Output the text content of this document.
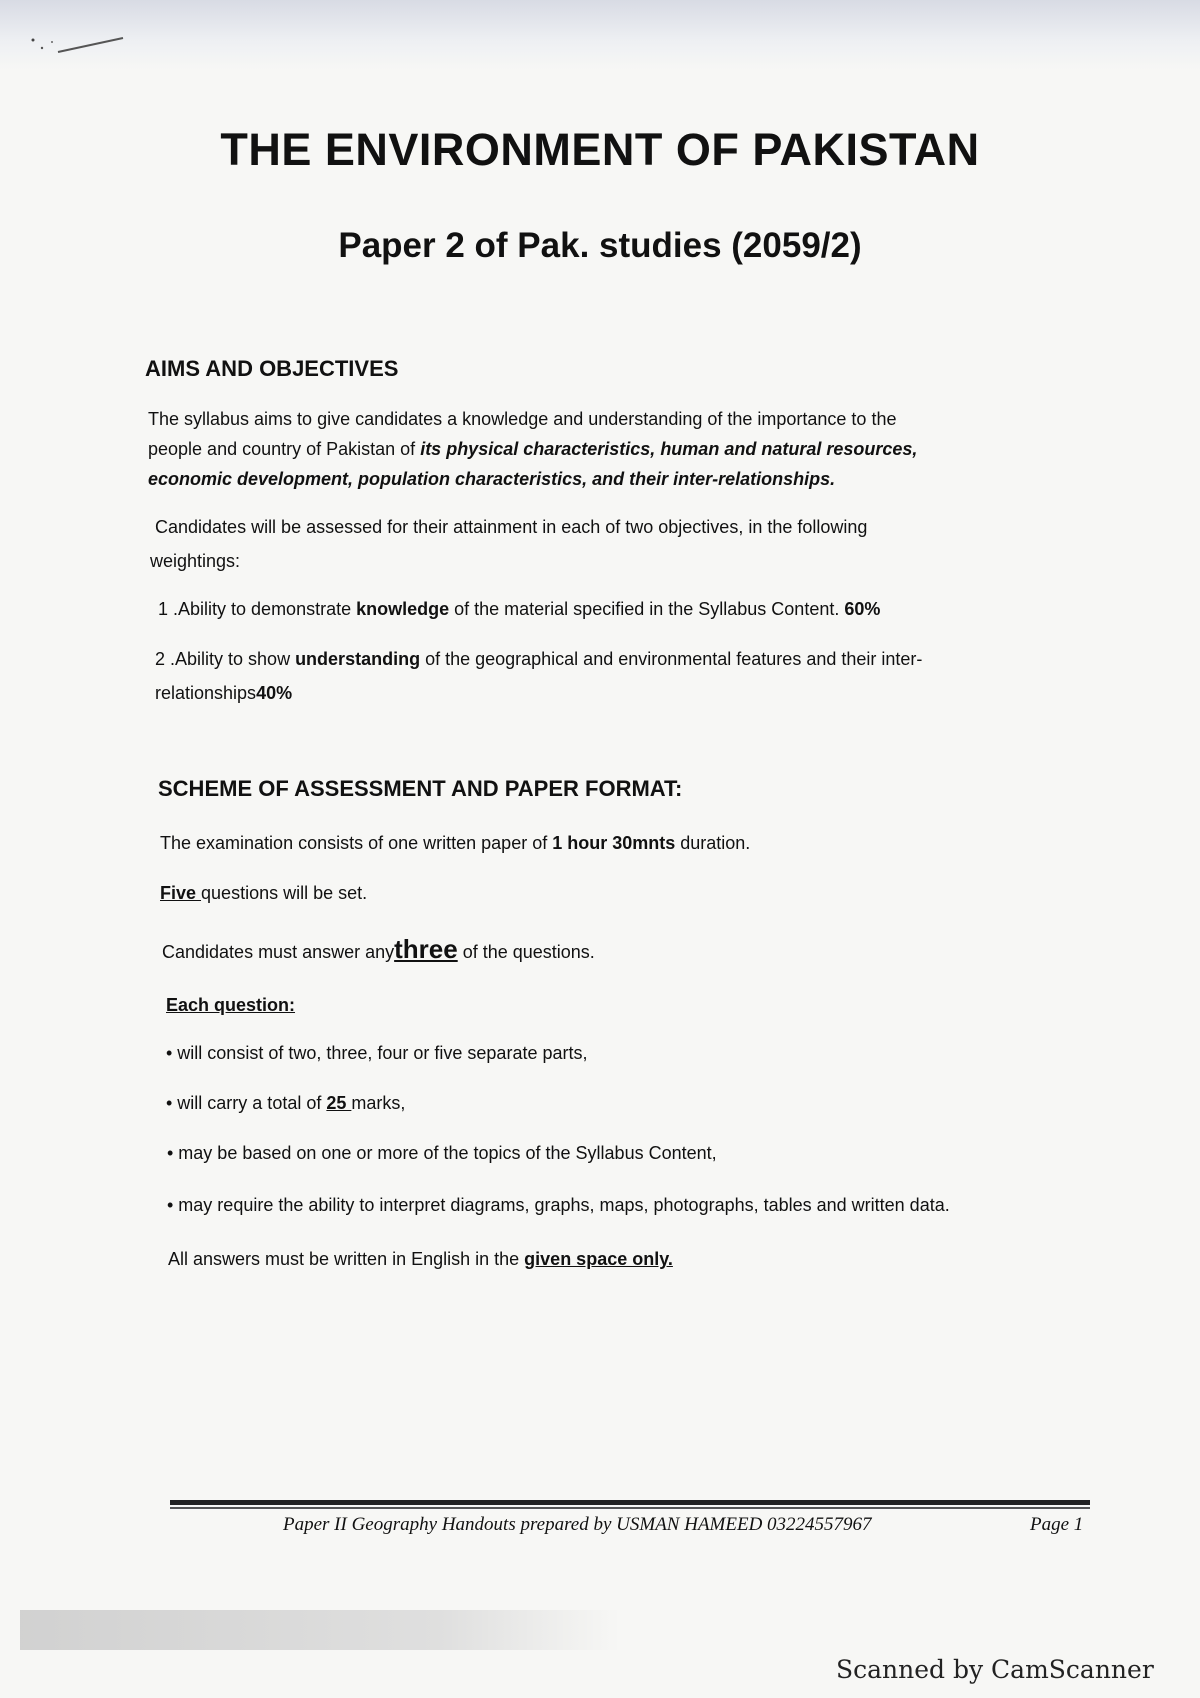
THE ENVIRONMENT OF PAKISTAN

Paper 2 of Pak. studies (2059/2)

AIMS AND OBJECTIVES

The syllabus aims to give candidates a knowledge and understanding of the importance to the

people and country of Pakistan of its physical characteristics, human and natural resources,

economic development, population characteristics, and their inter-relationships.

Candidates will be assessed for their attainment in each of two objectives, in the following

weightings:

1 .Ability to demonstrate knowledge of the material specified in the Syllabus Content. 60%

2 .Ability to show understanding of the geographical and environmental features and their inter-

relationships40%

SCHEME OF ASSESSMENT AND PAPER FORMAT:

The examination consists of one written paper of 1 hour 30mnts duration.

Five questions will be set.

Candidates must answer anythree of the questions.

Each question:

• will consist of two, three, four or five separate parts,

• will carry a total of 25 marks,

• may be based on one or more of the topics of the Syllabus Content,

• may require the ability to interpret diagrams, graphs, maps, photographs, tables and written data.

All answers must be written in English in the given space only.

Paper II Geography Handouts prepared by USMAN HAMEED 03224557967	Page 1

Scanned by CamScanner
